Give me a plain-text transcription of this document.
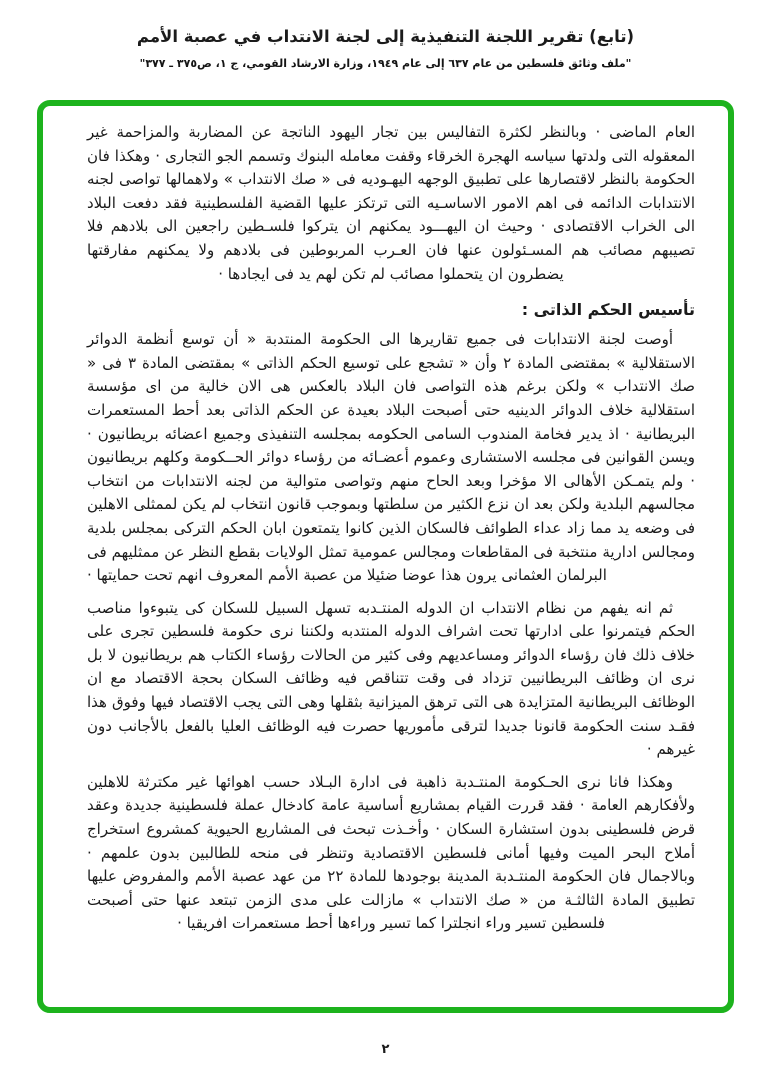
(تابع) تقرير اللجنة التنفيذية إلى لجنة الانتداب في عصبة الأمم
"ملف وثائق فلسطين من عام ٦٣٧ إلى عام ١٩٤٩، وزارة الارشاد القومي، ج ١، ص٣٧٥ ـ ٣٧٧"

العام الماضى · وبالنظر لكثرة التفاليس بين تجار اليهود الناتجة عن المضاربة والمزاحمة غير المعقوله التى ولدتها سياسه الهجرة الخرقاء وقفت معامله البنوك وتسمم الجو التجارى · وهكذا فان الحكومة بالنظر لاقتصارها على تطبيق الوجهه اليهـوديه فى « صك الانتداب » ولاهمالها تواصى لجنه الانتدابات الدائمه فى اهم الامور الاساسـيه التى ترتكز عليها القضية الفلسطينية فقد دفعت البلاد الى الخراب الاقتصادى · وحيث ان اليهـــود يمكنهم ان يتركوا فلسـطين راجعين الى بلادهم فلا تصيبهم مصائب هم المسـئولون عنها فان العـرب المربوطين فى بلادهم ولا يمكنهم مفارقتها يضطرون ان يتحملوا مصائب لم تكن لهم يد فى ايجادها ·

تأسيس الحكم الذاتى :

أوصت لجنة الانتدابات فى جميع تقاريرها الى الحكومة المنتدبة « أن توسع أنظمة الدوائر الاستقلالية » بمقتضى المادة ٢ وأن « تشجع على توسيع الحكم الذاتى » بمقتضى المادة ٣ فى « صك الانتداب » ولكن برغم هذه التواصى فان البلاد بالعكس هى الان خالية من اى مؤسسة استقلالية خلاف الدوائر الدينيه حتى أصبحت البلاد بعيدة عن الحكم الذاتى بعد أحط المستعمرات البريطانية · اذ يدير فخامة المندوب السامى الحكومه بمجلسه التنفيذى وجميع اعضائه بريطانيون · ويسن القوانين فى مجلسه الاستشارى وعموم أعضـائه من رؤساء دوائر الحــكومة وكلهم بريطانيون · ولم يتمـكن الأهالى الا مؤخرا وبعد الحاح منهم وتواصى متوالية من لجنه الانتدابات من انتخاب مجالسهم البلدية ولكن بعد ان نزع الكثير من سلطتها وبموجب قانون انتخاب لم يكن لممثلى الاهلين فى وضعه يد مما زاد عداء الطوائف فالسكان الذين كانوا يتمتعون ابان الحكم التركى بمجلس بلدية ومجالس ادارية منتخبة فى المقاطعات ومجالس عمومية تمثل الولايات بقطع النظر عن ممثليهم فى البرلمان العثمانى يرون هذا عوضا ضئيلا من عصبة الأمم المعروف انهم تحت حمايتها ·

ثم انه يفهم من نظام الانتداب ان الدوله المنتـدبه تسهل السبيل للسكان كى يتبوءوا مناصب الحكم فيتمرنوا على ادارتها تحت اشراف الدوله المنتدبه ولكننا نرى حكومة فلسطين تجرى على خلاف ذلك فان رؤساء الدوائر ومساعديهم وفى كثير من الحالات رؤساء الكتاب هم بريطانيون لا بل نرى ان وظائف البريطانيين تزداد فى وقت تتناقص فيه وظائف السكان بحجة الاقتصاد مع ان الوظائف البريطانية المتزايدة هى التى ترهق الميزانية بثقلها وهى التى يجب الاقتصاد فيها وفوق هذا فقـد سنت الحكومة قانونا جديدا لترقى مأموريها حصرت فيه الوظائف العليا بالفعل بالأجانب دون غيرهم ·

وهكذا فانا نرى الحـكومة المنتـدبة ذاهبة فى ادارة البـلاد حسب اهوائها غير مكترثة للاهلين ولأفكارهم العامة · فقد قررت القيام بمشاريع أساسية عامة كادخال عملة فلسطينية جديدة وعقد قرض فلسطينى بدون استشارة السكان · وأخـذت تبحث فى المشاريع الحيوية كمشروع استخراج أملاح البحر الميت وفيها أمانى فلسطين الاقتصادية وتنظر فى منحه للطالبين بدون علمهم · وبالاجمال فان الحكومة المنتـدبة المدينة بوجودها للمادة ٢٢ من عهد عصبة الأمم والمفروض عليها تطبيق المادة الثالثـة من « صك الانتداب » مازالت على مدى الزمن تبتعد عنها حتى أصبحت فلسطين تسير وراء انجلترا كما تسير وراءها أحط مستعمرات افريقيا ·

٢
